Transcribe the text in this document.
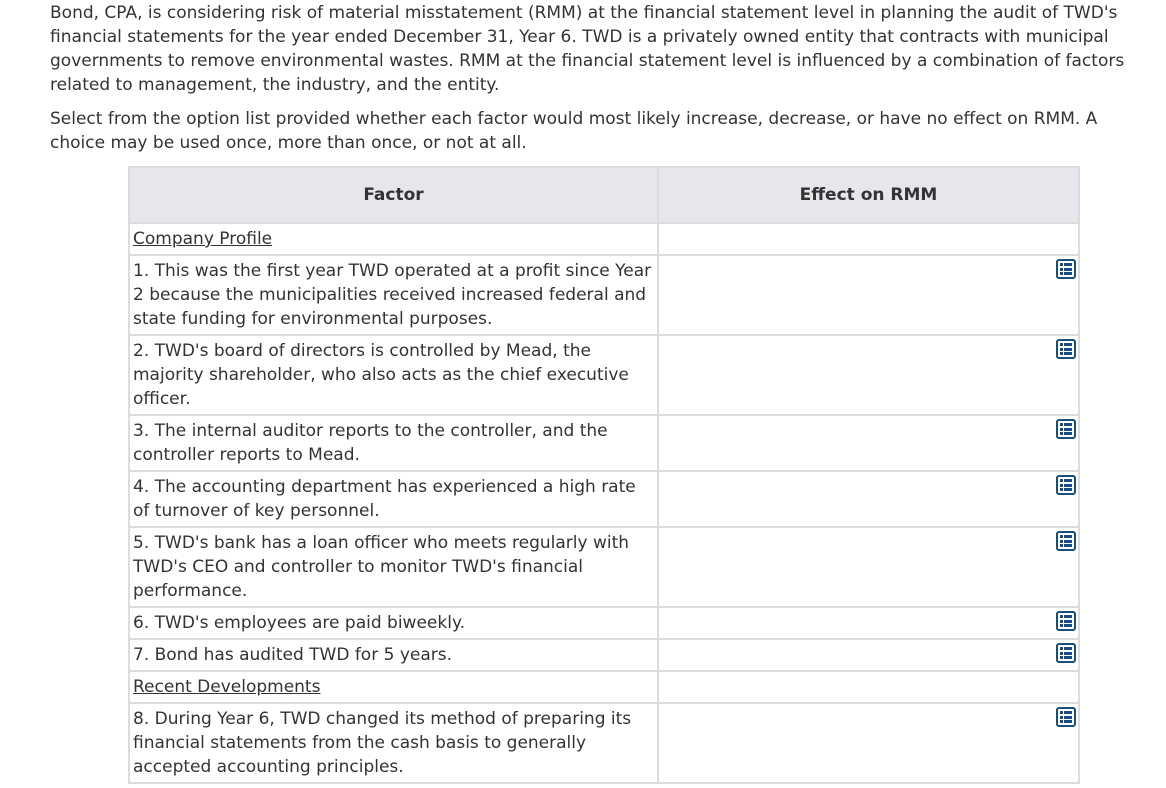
Bond, CPA, is considering risk of material misstatement (RMM) at the financial statement level in planning the audit of TWD's financial statements for the year ended December 31, Year 6. TWD is a privately owned entity that contracts with municipal governments to remove environmental wastes. RMM at the financial statement level is influenced by a combination of factors related to management, the industry, and the entity.

Select from the option list provided whether each factor would most likely increase, decrease, or have no effect on RMM. A choice may be used once, more than once, or not at all.

Factor	Effect on RMM
Company Profile	
1. This was the first year TWD operated at a profit since Year 2 because the municipalities received increased federal and state funding for environmental purposes.	

2. TWD's board of directors is controlled by Mead, the majority shareholder, who also acts as the chief executive officer.	

3. The internal auditor reports to the controller, and the controller reports to Mead.	

4. The accounting department has experienced a high rate of turnover of key personnel.	

5. TWD's bank has a loan officer who meets regularly with TWD's CEO and controller to monitor TWD's financial performance.	

6. TWD's employees are paid biweekly.	

7. Bond has audited TWD for 5 years.	

Recent Developments	
8. During Year 6, TWD changed its method of preparing its financial statements from the cash basis to generally accepted accounting principles.	
